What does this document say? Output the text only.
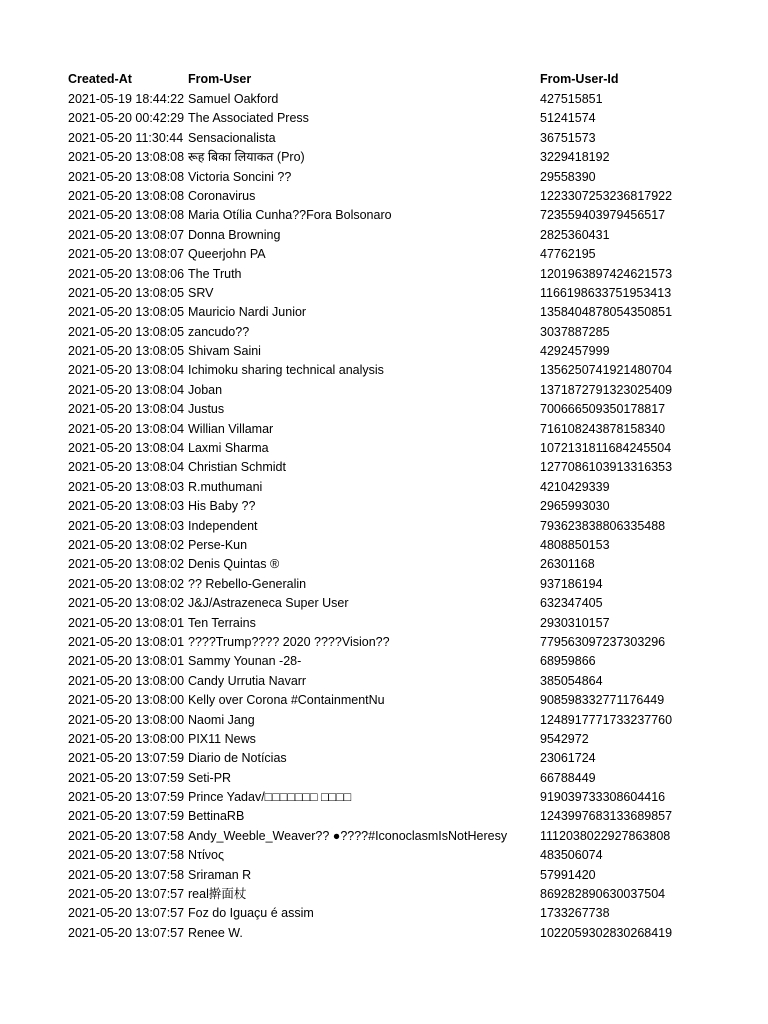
Created-At	From-User	From-User-Id
2021-05-19 18:44:22 Samuel Oakford	427515851
2021-05-20 00:42:29 The Associated Press	51241574
2021-05-20 11:30:44 Sensacionalista	36751573
2021-05-20 13:08:08 रूह बिका लियाकत (Pro)	3229418192
2021-05-20 13:08:08 Victoria Soncini ??	29558390
2021-05-20 13:08:08 Coronavirus	1223307253236817922
2021-05-20 13:08:08 Maria Otília Cunha??Fora Bolsonaro	723559403979456517
2021-05-20 13:08:07 Donna Browning	2825360431
2021-05-20 13:08:07 Queerjohn PA	47762195
2021-05-20 13:08:06 The Truth	1201963897424621573
2021-05-20 13:08:05 SRV	1166198633751953413
2021-05-20 13:08:05 Mauricio Nardi Junior	1358404878054350851
2021-05-20 13:08:05 zancudo??	3037887285
2021-05-20 13:08:05 Shivam Saini	4292457999
2021-05-20 13:08:04 Ichimoku sharing technical analysis	1356250741921480704
2021-05-20 13:08:04 Joban	1371872791323025409
2021-05-20 13:08:04 Justus	700666509350178817
2021-05-20 13:08:04 Willian Villamar	716108243878158340
2021-05-20 13:08:04 Laxmi Sharma	1072131811684245504
2021-05-20 13:08:04 Christian Schmidt	1277086103913316353
2021-05-20 13:08:03 R.muthumani	4210429339
2021-05-20 13:08:03 His Baby ??	2965993030
2021-05-20 13:08:03 Independent	793623838806335488
2021-05-20 13:08:02 Perse-Kun	4808850153
2021-05-20 13:08:02 Denis Quintas ®	26301168
2021-05-20 13:08:02 ?? Rebello-Generalin	937186194
2021-05-20 13:08:02 J&J/Astrazeneca Super User	632347405
2021-05-20 13:08:01 Ten Terrains	2930310157
2021-05-20 13:08:01 ????Trump???? 2020 ????Vision??	779563097237303296
2021-05-20 13:08:01 Sammy Younan -28-	68959866
2021-05-20 13:08:00 Candy Urrutia Navarr	385054864
2021-05-20 13:08:00 Kelly over Corona #ContainmentNu	908598332771176449
2021-05-20 13:08:00 Naomi Jang	1248917771733237760
2021-05-20 13:08:00 PIX11 News	9542972
2021-05-20 13:07:59 Diario de Notícias	23061724
2021-05-20 13:07:59 Seti-PR	66788449
2021-05-20 13:07:59 Prince Yadav/□□□□□□□ □□□□	919039733308604416
2021-05-20 13:07:59 BettinaRB	1243997683133689857
2021-05-20 13:07:58 Andy_Weeble_Weaver?? ●????#IconoclasmIsNotHeresy	1112038022927863808
2021-05-20 13:07:58 Ντίνος	483506074
2021-05-20 13:07:58 Sriraman R	57991420
2021-05-20 13:07:57 real擀面杖	869282890630037504
2021-05-20 13:07:57 Foz do Iguaçu é assim	1733267738
2021-05-20 13:07:57 Renee W.	1022059302830268419
